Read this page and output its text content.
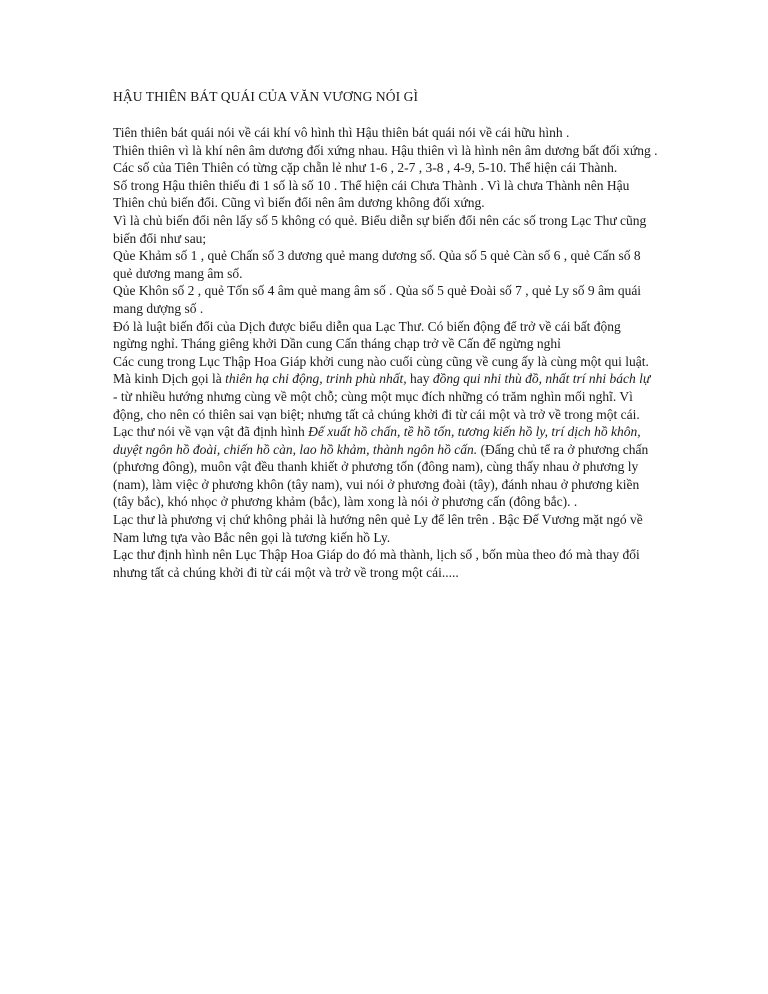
HẬU THIÊN BÁT QUÁI CỦA VĂN VƯƠNG NÓI GÌ

Tiên thiên bát quái nói về cái khí vô hình thì Hậu thiên bát quái nói về cái hữu hình .

Thiên thiên vì là khí nên âm dương đối xứng nhau. Hậu thiên vì là hình nên âm dương bất đối xứng .

Các số của Tiên Thiên có từng cặp chẵn lẻ như 1-6 , 2-7 , 3-8 , 4-9, 5-10. Thể hiện cái Thành.

Số trong Hậu thiên thiếu đi 1 số là số 10 . Thể hiện cái Chưa Thành . Vì là chưa Thành nên Hậu Thiên chủ biến đổi. Cũng vì biến đổi nên âm dương không đối xứng.

Vì là chủ biến đổi nên lấy số 5 không có quẻ. Biểu diễn sự biến đổi nên các số trong Lạc Thư cũng biến đổi như sau;

Qủe Khảm số 1 , quẻ Chấn số 3 dương quẻ mang dương số. Qủa số 5 quẻ Càn số 6 , quẻ Cấn số 8 quẻ dương mang âm số.

Qủe Khôn số 2 , quẻ Tốn số 4 âm quẻ mang âm số . Qủa số 5 quẻ Đoài số 7 , quẻ Ly số 9 âm quái mang dượng số .

Đó là luật biến đổi của Dịch được biểu diễn qua Lạc Thư. Có biến động để trở về cái bất động ngừng nghỉ. Tháng giêng khởi Dần cung Cấn tháng chạp trở về Cấn để ngừng nghỉ

Các cung trong Lục Thập Hoa Giáp khởi cung nào cuối cùng cũng về cung ấy là cùng một qui luật.

Mà kinh Dịch gọi là thiên hạ chi động, trinh phù nhất, hay đồng qui nhi thù đồ, nhất trí nhi bách lự - từ nhiều hướng nhưng cùng về một chỗ; cùng một mục đích những có trăm nghìn mối nghĩ. Vì động, cho nên có thiên sai vạn biệt; nhưng tất cả chúng khởi đi từ cái một và trở về trong một cái.

Lạc thư nói về vạn vật đã định hình Đế xuất hồ chấn, tề hồ tốn, tương kiến hồ ly, trí dịch hồ khôn, duyệt ngôn hồ đoài, chiến hồ càn, lao hồ khảm, thành ngôn hồ cấn. (Đấng chủ tể ra ở phương chấn (phương đông), muôn vật đều thanh khiết ở phương tốn (đông nam), cùng thấy nhau ở phương ly (nam), làm việc ở phương khôn (tây nam), vui nói ở phương đoài (tây), đánh nhau ở phương kiền (tây bắc), khó nhọc ở phương khảm (bắc), làm xong là nói ở phương cấn (đông bắc). .

Lạc thư là phương vị chứ không phải là hướng nên quẻ Ly để lên trên . Bậc Đế Vương mặt ngó về Nam lưng tựa vào Bắc nên gọi là tương kiến hồ Ly.

Lạc thư định hình nên Lục Thập Hoa Giáp do đó mà thành, lịch số , bốn mùa theo đó mà thay đổi nhưng tất cả chúng khởi đi từ cái một và trở về trong một cái.....
